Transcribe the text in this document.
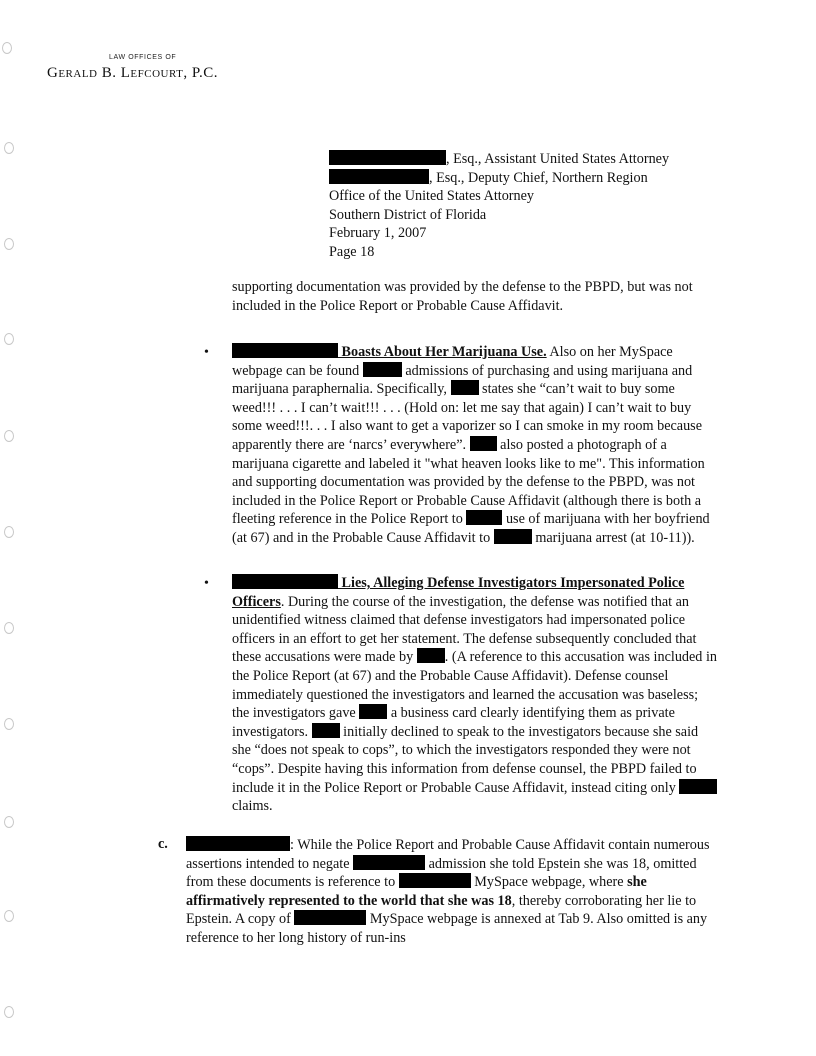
LAW OFFICES OF
Gerald B. Lefcourt, P.C.
, Esq., Assistant United States Attorney
, Esq., Deputy Chief, Northern Region
Office of the United States Attorney
Southern District of Florida
February 1, 2007
Page 18
supporting documentation was provided by the defense to the PBPD, but was not included in the Police Report or Probable Cause Affidavit.
•	Boasts About Her Marijuana Use. Also on her MySpace webpage can be found	admissions of purchasing and using marijuana and marijuana paraphernalia. Specifically,  states she “can’t wait to buy some weed!!! . . . I can’t wait!!! . . . (Hold on: let me say that again) I can’t wait to buy some weed!!!. . . I also want to get a vaporizer so I can smoke in my room because apparently there are ‘narcs’ everywhere”.  also posted a photograph of a marijuana cigarette and labeled it "what heaven looks like to me". This information and supporting documentation was provided by the defense to the PBPD, was not included in the Police Report or Probable Cause Affidavit (although there is both a fleeting reference in the Police Report to	use of marijuana with her boyfriend (at 67) and in the Probable Cause Affidavit to	marijuana arrest (at 10-11)).
•	Lies, Alleging Defense Investigators Impersonated Police Officers. During the course of the investigation, the defense was notified that an unidentified witness claimed that defense investigators had impersonated police officers in an effort to get her statement. The defense subsequently concluded that these accusations were made by . (A reference to this accusation was included in the Police Report (at 67) and the Probable Cause Affidavit). Defense counsel immediately questioned the investigators and learned the accusation was baseless; the investigators gave  a business card clearly identifying them as private investigators.  initially declined to speak to the investigators because she said she “does not speak to cops”, to which the investigators responded they were not “cops”. Despite having this information from defense counsel, the PBPD failed to include it in the Police Report or Probable Cause Affidavit, instead citing only  claims.
c.	: While the Police Report and Probable Cause Affidavit contain numerous assertions intended to negate	admission she told Epstein she was 18, omitted from these documents is reference to	MySpace webpage, where she affirmatively represented to the world that she was 18, thereby corroborating her lie to Epstein. A copy of	MySpace webpage is annexed at Tab 9. Also omitted is any reference to her long history of run-ins
